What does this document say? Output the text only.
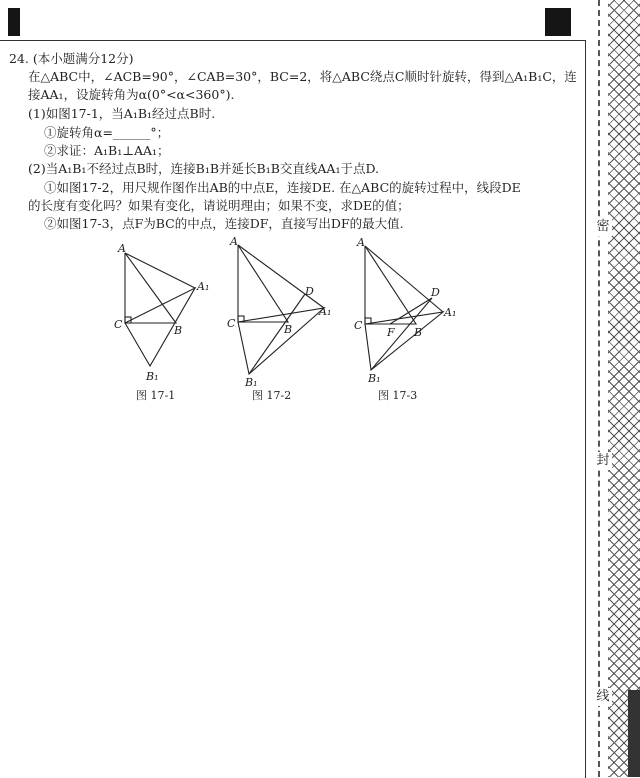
密
封
线
24. (本小题满分12分)
在△ABC中，∠ACB=90°，∠CAB=30°，BC=2，将△ABC绕点C顺时针旋转，得到△A₁B₁C，连
接AA₁，设旋转角为α(0°<α<360°).
(1)如图17-1，当A₁B₁经过点B时.
①旋转角α=______°；
②求证：A₁B₁⊥AA₁；
(2)当A₁B₁不经过点B时，连接B₁B并延长B₁B交直线AA₁于点D.
①如图17-2，用尺规作图作出AB的中点E，连接DE. 在△ABC的旋转过程中，线段DE
的长度有变化吗？如果有变化，请说明理由；如果不变，求DE的值；
②如图17-3，点F为BC的中点，连接DF，直接写出DF的最大值.
A
A₁
C	B
B₁
A
D
A₁
C	B
B₁
A
D
A₁
C
F B
B₁
图 17-1	图 17-2	图 17-3
